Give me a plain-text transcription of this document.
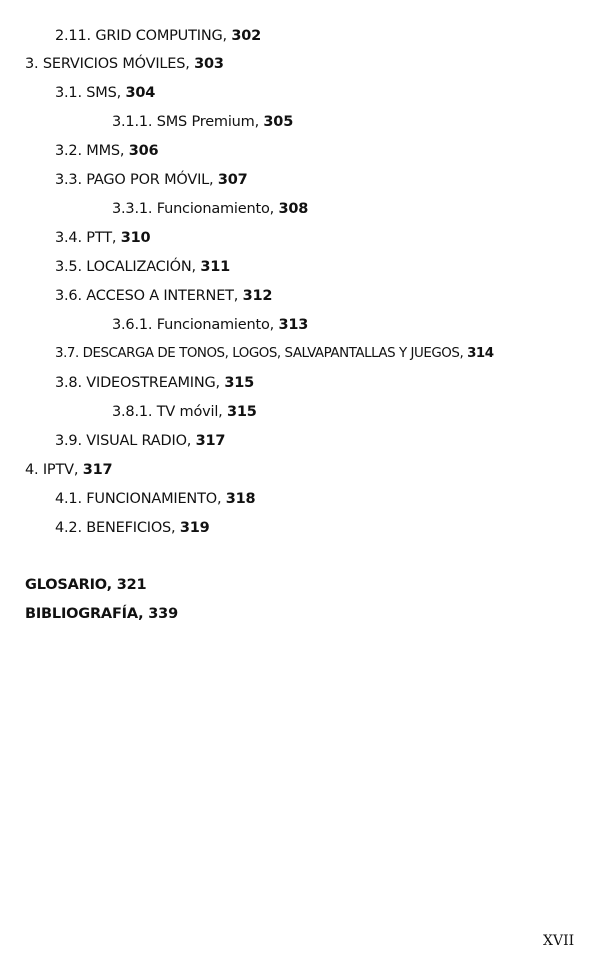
2.11. GRID COMPUTING, 302
3. SERVICIOS MÓVILES, 303
3.1. SMS, 304
3.1.1. SMS Premium, 305
3.2. MMS, 306
3.3. PAGO POR MÓVIL, 307
3.3.1. Funcionamiento, 308
3.4. PTT, 310
3.5. LOCALIZACIÓN, 311
3.6. ACCESO A INTERNET, 312
3.6.1. Funcionamiento, 313
3.7. DESCARGA DE TONOS, LOGOS, SALVAPANTALLAS Y JUEGOS, 314
3.8. VIDEOSTREAMING, 315
3.8.1. TV móvil, 315
3.9. VISUAL RADIO, 317
4. IPTV, 317
4.1. FUNCIONAMIENTO, 318
4.2. BENEFICIOS, 319
GLOSARIO, 321
BIBLIOGRAFÍA, 339
XVII
